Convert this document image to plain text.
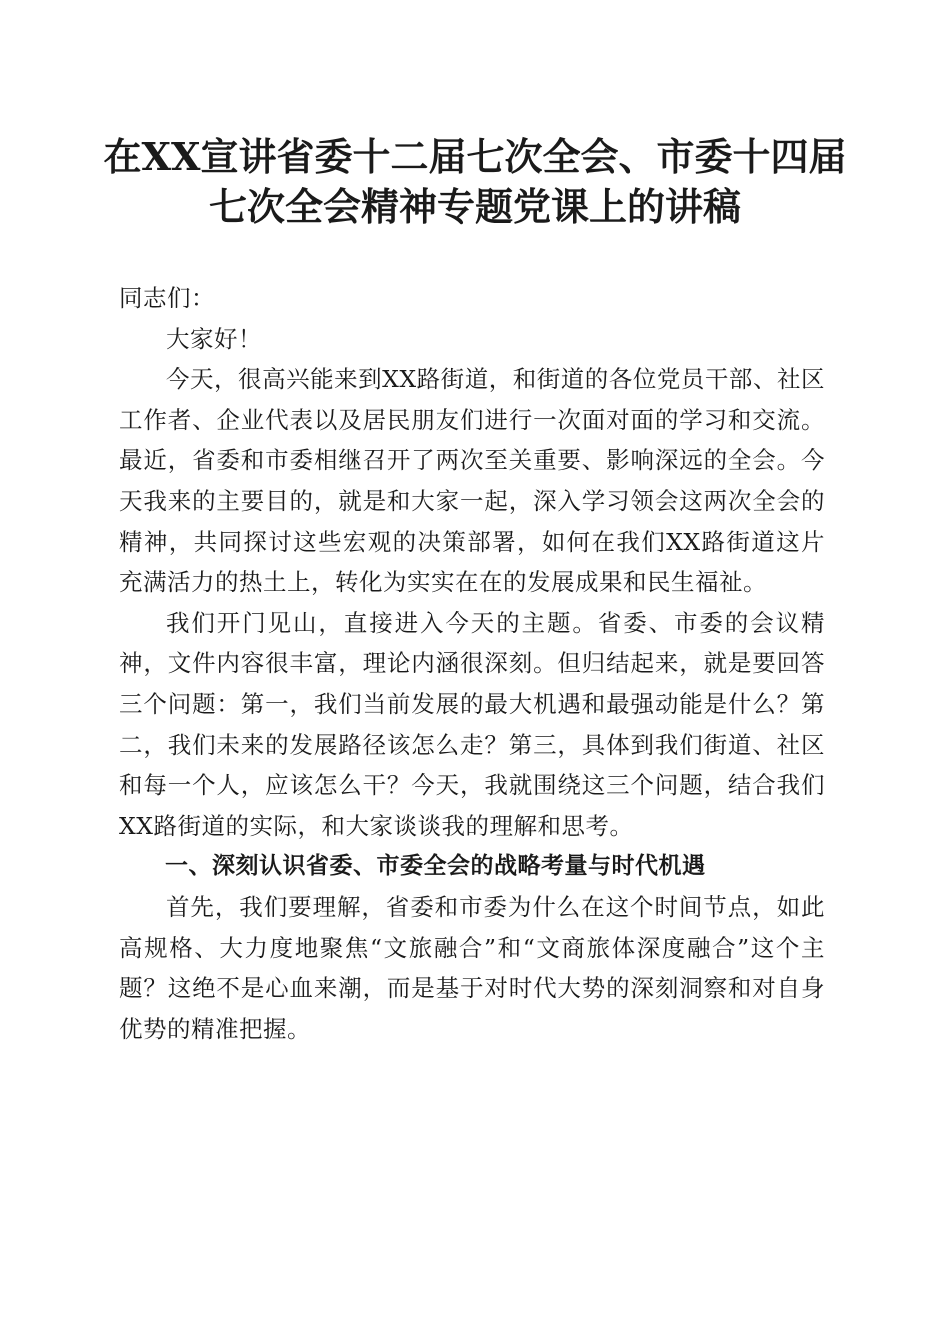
在XX宣讲省委十二届七次全会、市委十四届
七次全会精神专题党课上的讲稿

同志们：

大家好！

今天，很高兴能来到XX路街道，和街道的各位党员干部、社区工作者、企业代表以及居民朋友们进行一次面对面的学习和交流。最近，省委和市委相继召开了两次至关重要、影响深远的全会。今天我来的主要目的，就是和大家一起，深入学习领会这两次全会的精神，共同探讨这些宏观的决策部署，如何在我们XX路街道这片充满活力的热土上，转化为实实在在的发展成果和民生福祉。

我们开门见山，直接进入今天的主题。省委、市委的会议精神，文件内容很丰富，理论内涵很深刻。但归结起来，就是要回答三个问题：第一，我们当前发展的最大机遇和最强动能是什么？第二，我们未来的发展路径该怎么走？第三，具体到我们街道、社区和每一个人，应该怎么干？今天，我就围绕这三个问题，结合我们XX路街道的实际，和大家谈谈我的理解和思考。

一、深刻认识省委、市委全会的战略考量与时代机遇

首先，我们要理解，省委和市委为什么在这个时间节点，如此高规格、大力度地聚焦“文旅融合”和“文商旅体深度融合”这个主题？这绝不是心血来潮，而是基于对时代大势的深刻洞察和对自身优势的精准把握。
